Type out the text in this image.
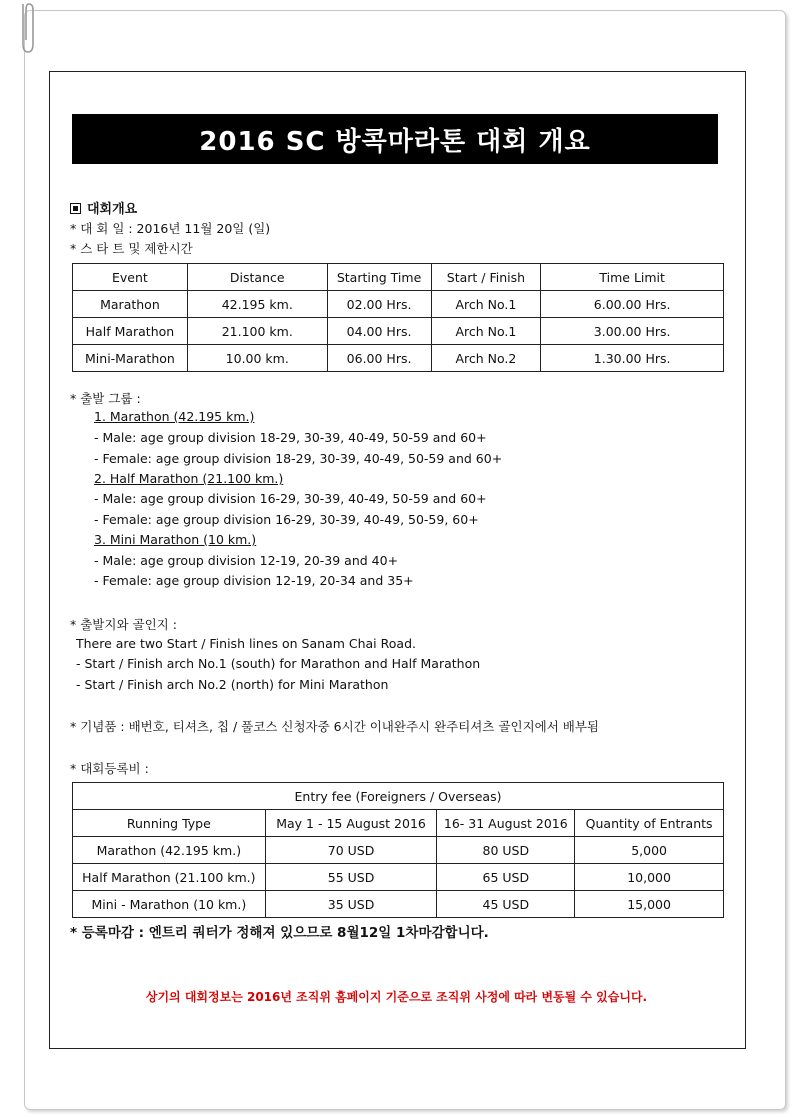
2016 SC 방콕마라톤 대회 개요
대회개요
* 대 회 일 : 2016년 11월 20일 (일)
* 스 타 트 및 제한시간
Event	Distance	Starting Time	Start / Finish	Time Limit
Marathon	42.195 km.	02.00 Hrs.	Arch No.1	6.00.00 Hrs.
Half Marathon	21.100 km.	04.00 Hrs.	Arch No.1	3.00.00 Hrs.
Mini-Marathon	10.00 km.	06.00 Hrs.	Arch No.2	1.30.00 Hrs.
* 출발 그룹 :
1. Marathon (42.195 km.)
- Male: age group division 18-29, 30-39, 40-49, 50-59 and 60+
- Female: age group division 18-29, 30-39, 40-49, 50-59 and 60+
2. Half Marathon (21.100 km.)
- Male: age group division 16-29, 30-39, 40-49, 50-59 and 60+
- Female: age group division 16-29, 30-39, 40-49, 50-59, 60+
3. Mini Marathon (10 km.)
- Male: age group division 12-19, 20-39 and 40+
- Female: age group division 12-19, 20-34 and 35+
* 출발지와 골인지 :
There are two Start / Finish lines on Sanam Chai Road.
- Start / Finish arch No.1 (south) for Marathon and Half Marathon
- Start / Finish arch No.2 (north) for Mini Marathon
* 기념품 : 배번호, 티셔츠, 칩 / 풀코스 신청자중 6시간 이내완주시 완주티셔츠 골인지에서 배부됨
* 대회등록비 :
Entry fee (Foreigners / Overseas)			
Running Type	May 1 - 15 August 2016	16- 31 August 2016	Quantity of Entrants
Marathon (42.195 km.)	70 USD	80 USD	5,000
Half Marathon (21.100 km.)	55 USD	65 USD	10,000
Mini - Marathon (10 km.)	35 USD	45 USD	15,000
* 등록마감 : 엔트리 쿼터가 정해져 있으므로 8월12일 1차마감합니다.
상기의 대회정보는 2016년 조직위 홈페이지 기준으로 조직위 사정에 따라 변동될 수 있습니다.
